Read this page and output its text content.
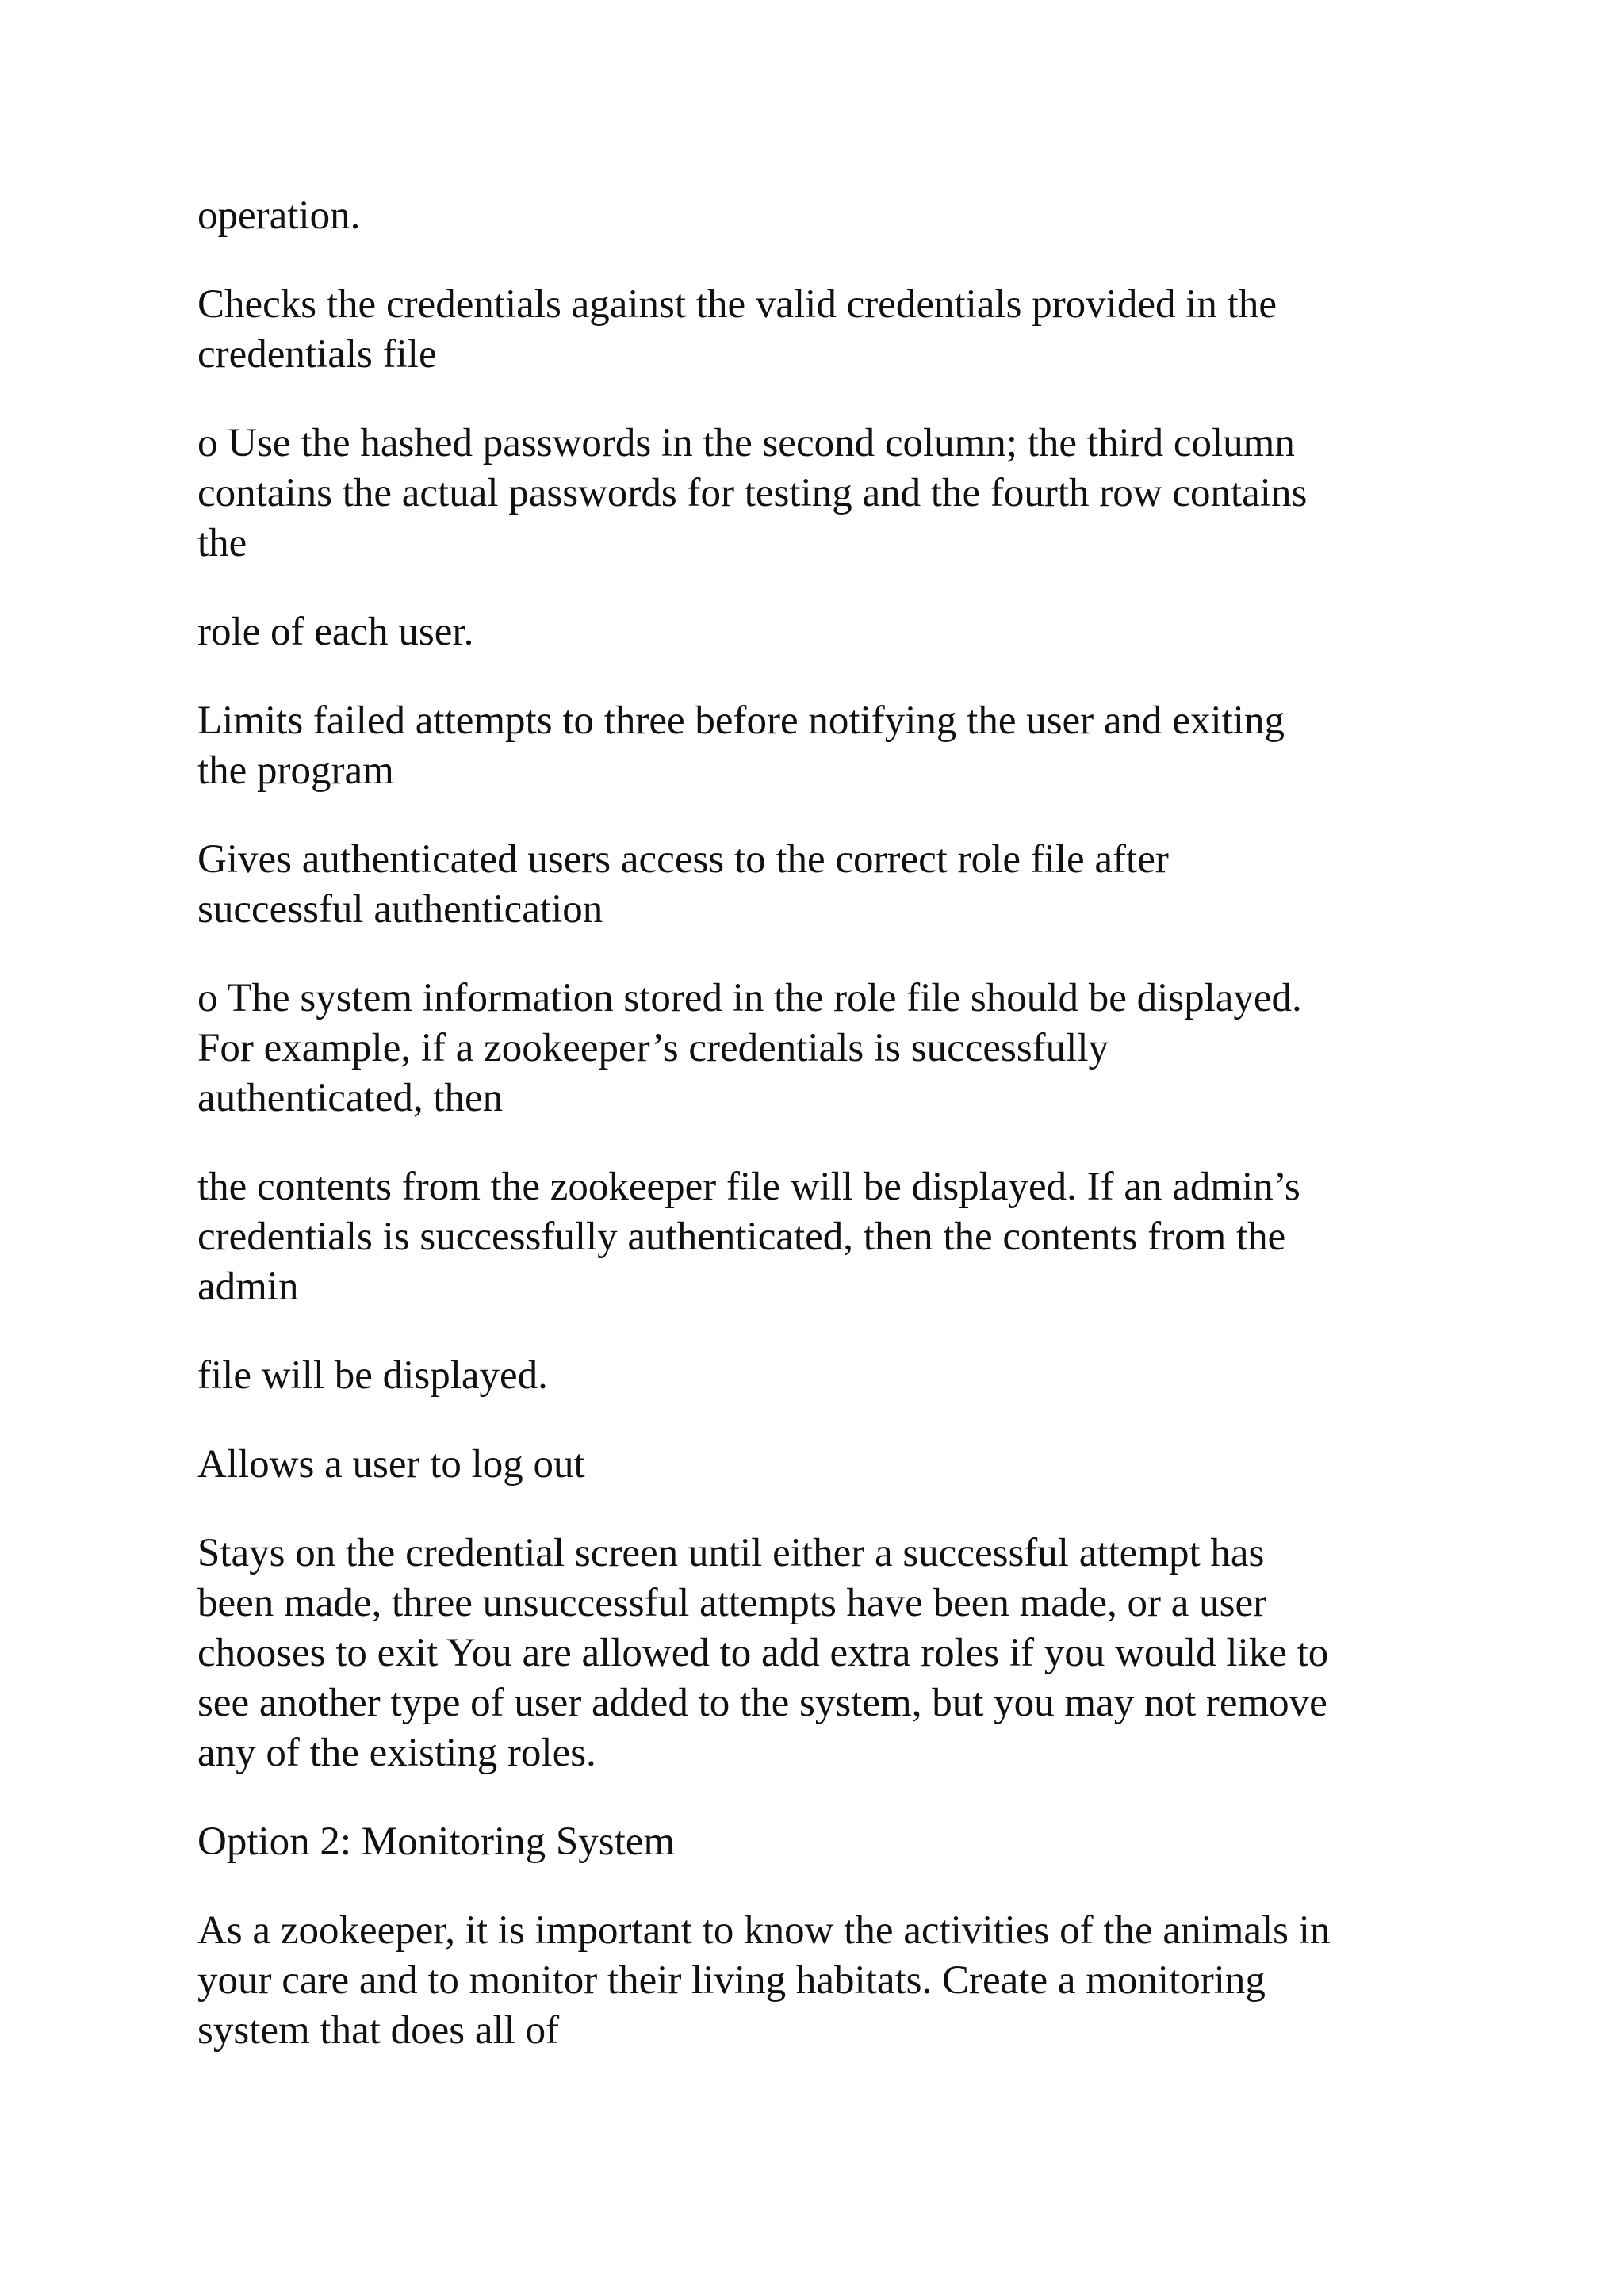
operation.

Checks the credentials against the valid credentials provided in the
credentials file

o Use the hashed passwords in the second column; the third column
contains the actual passwords for testing and the fourth row contains
the

role of each user.

Limits failed attempts to three before notifying the user and exiting
the program

Gives authenticated users access to the correct role file after
successful authentication

o The system information stored in the role file should be displayed.
For example, if a zookeeper’s credentials is successfully
authenticated, then

the contents from the zookeeper file will be displayed. If an admin’s
credentials is successfully authenticated, then the contents from the
admin

file will be displayed.

Allows a user to log out

Stays on the credential screen until either a successful attempt has
been made, three unsuccessful attempts have been made, or a user
chooses to exit You are allowed to add extra roles if you would like to
see another type of user added to the system, but you may not remove
any of the existing roles.

Option 2: Monitoring System

As a zookeeper, it is important to know the activities of the animals in
your care and to monitor their living habitats. Create a monitoring
system that does all of
